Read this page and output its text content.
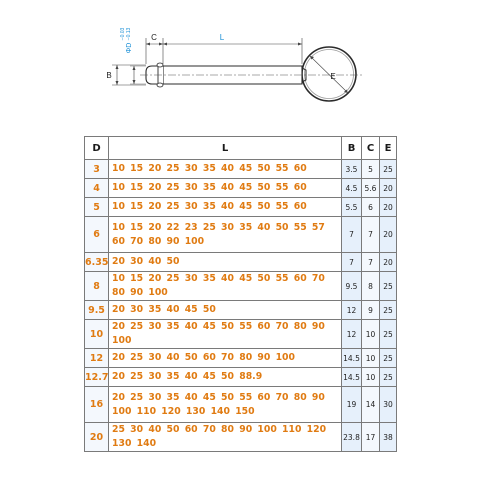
C	L
B	E
ΦD
−0.03 −0.13
D	L	B	C	E
3	10 15 20 25 30 35 40 45 50 55 60	3.5	5	25
4	10 15 20 25 30 35 40 45 50 55 60	4.5	5.6	20
5	10 15 20 25 30 35 40 45 50 55 60	5.5	6	20
6	10 15 20 22 23 25 30 35 40 50 55 57 60 70 80 90 100	7	7	20
6.35	20 30 40 50	7	7	20
8	10 15 20 25 30 35 40 45 50 55 60 70 80 90 100	9.5	8	25
9.5	20 30 35 40 45 50	12	9	25
10	20 25 30 35 40 45 50 55 60 70 80 90 100	12	10	25
12	20 25 30 40 50 60 70 80 90 100	14.5	10	25
12.7	20 25 30 35 40 45 50 88.9	14.5	10	25
16	20 25 30 35 40 45 50 55 60 70 80 90 100 110 120 130 140 150	19	14	30
20	25 30 40 50 60 70 80 90 100 110 120 130 140	23.8	17	38
